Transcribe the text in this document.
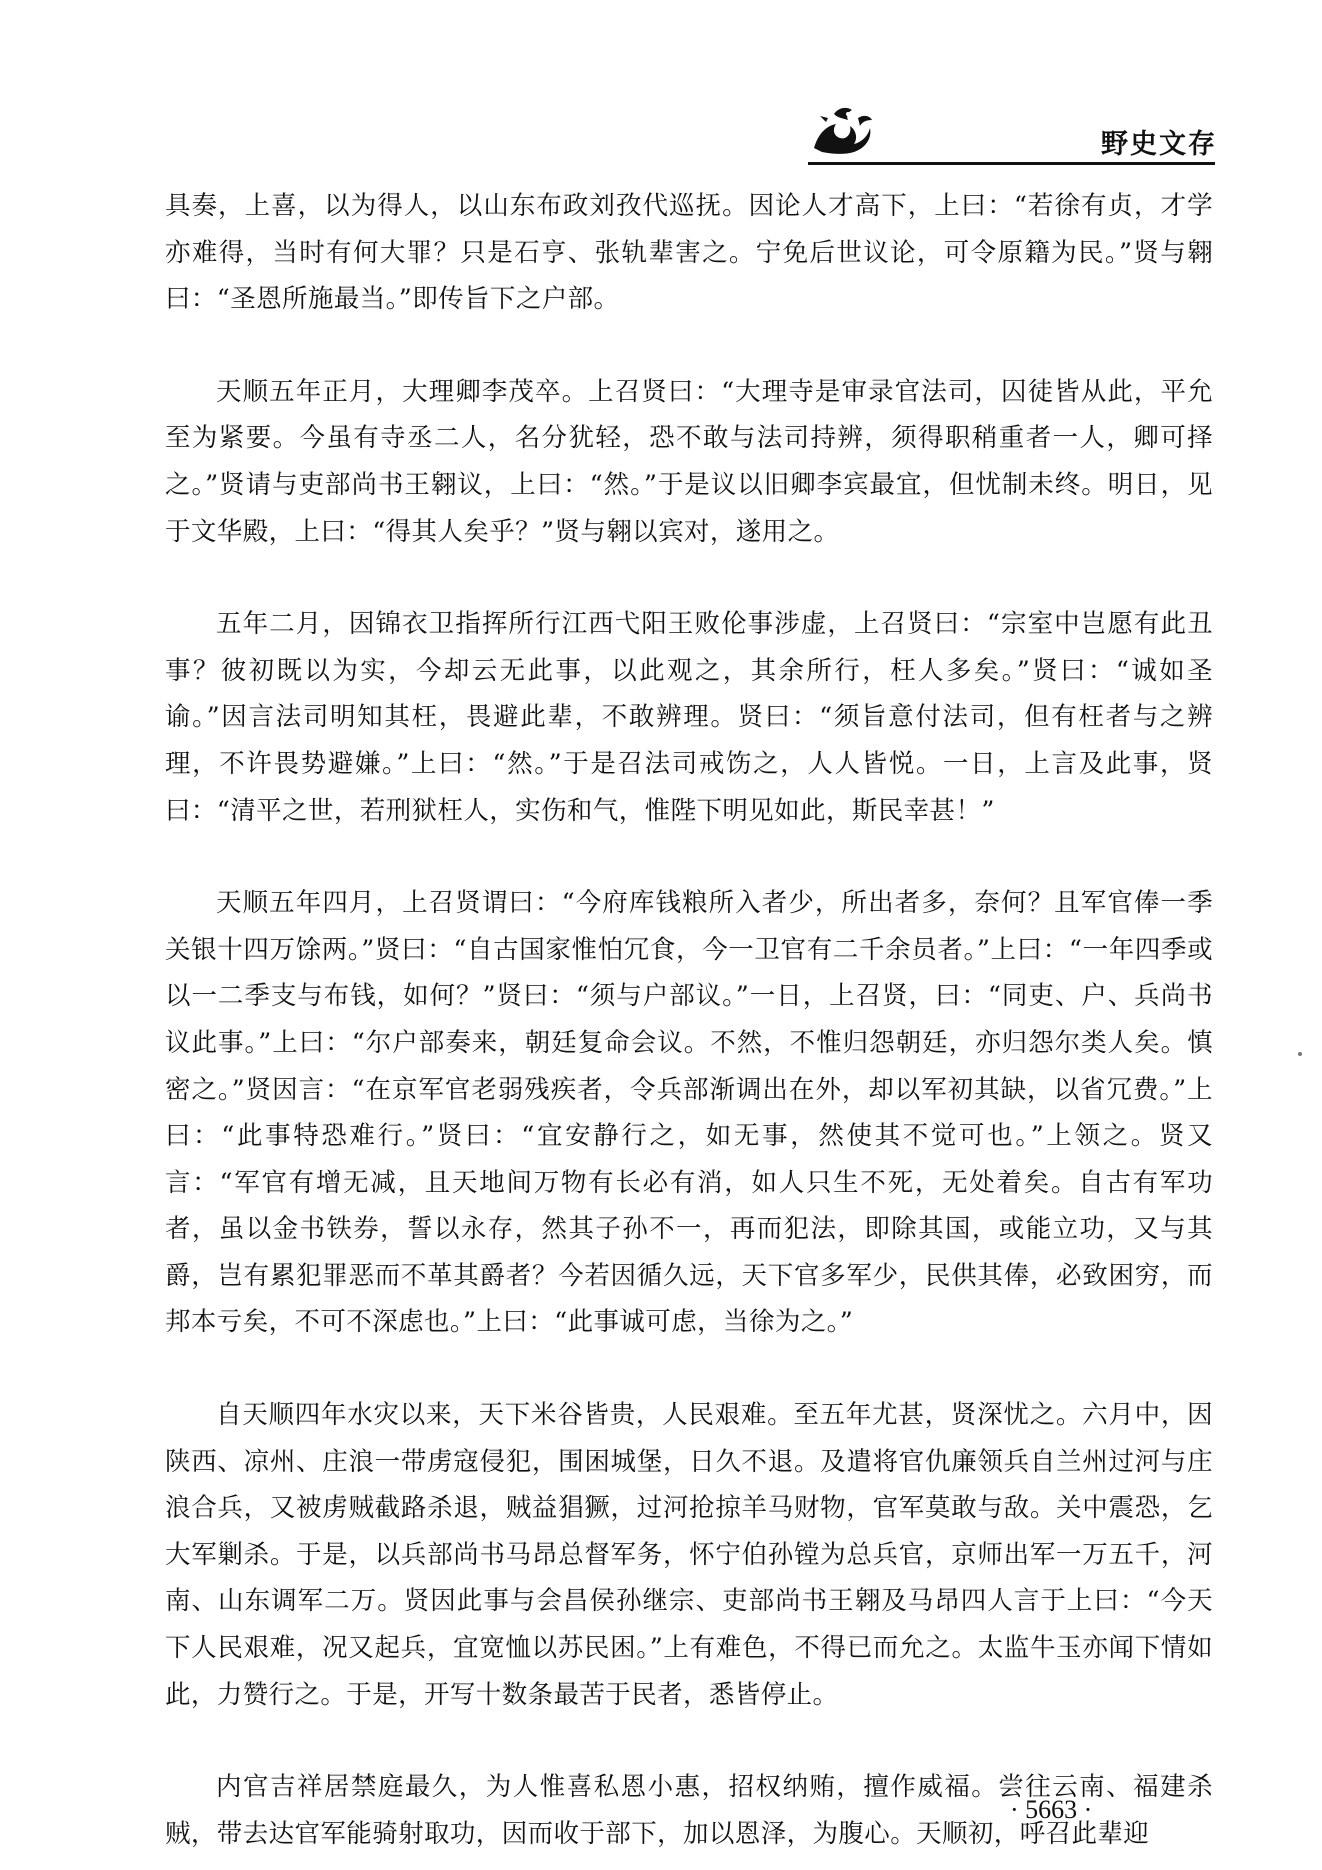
野史文存

具奏，上喜，以为得人，以山东布政刘孜代巡抚。因论人才高下，上曰：“若徐有贞，才学亦难得，当时有何大罪？只是石亨、张轨辈害之。宁免后世议论，可令原籍为民。”贤与翱曰：“圣恩所施最当。”即传旨下之户部。

天顺五年正月，大理卿李茂卒。上召贤曰：“大理寺是审录官法司，囚徒皆从此，平允至为紧要。今虽有寺丞二人，名分犹轻，恐不敢与法司持辨，须得职稍重者一人，卿可择之。”贤请与吏部尚书王翱议，上曰：“然。”于是议以旧卿李宾最宜，但忧制未终。明日，见于文华殿，上曰：“得其人矣乎？”贤与翱以宾对，遂用之。

五年二月，因锦衣卫指挥所行江西弋阳王败伦事涉虚，上召贤曰：“宗室中岂愿有此丑事？彼初既以为实，今却云无此事，以此观之，其余所行，枉人多矣。”贤曰：“诚如圣谕。”因言法司明知其枉，畏避此辈，不敢辨理。贤曰：“须旨意付法司，但有枉者与之辨理，不许畏势避嫌。”上曰：“然。”于是召法司戒饬之，人人皆悦。一日，上言及此事，贤曰：“清平之世，若刑狱枉人，实伤和气，惟陛下明见如此，斯民幸甚！”

天顺五年四月，上召贤谓曰：“今府库钱粮所入者少，所出者多，奈何？且军官俸一季关银十四万馀两。”贤曰：“自古国家惟怕冗食，今一卫官有二千余员者。”上曰：“一年四季或以一二季支与布钱，如何？”贤曰：“须与户部议。”一日，上召贤，曰：“同吏、户、兵尚书议此事。”上曰：“尔户部奏来，朝廷复命会议。不然，不惟归怨朝廷，亦归怨尔类人矣。慎密之。”贤因言：“在京军官老弱残疾者，令兵部渐调出在外，却以军初其缺，以省冗费。”上曰：“此事特恐难行。”贤曰：“宜安静行之，如无事，然使其不觉可也。”上领之。贤又言：“军官有增无减，且天地间万物有长必有消，如人只生不死，无处着矣。自古有军功者，虽以金书铁券，誓以永存，然其子孙不一，再而犯法，即除其国，或能立功，又与其爵，岂有累犯罪恶而不革其爵者？今若因循久远，天下官多军少，民供其俸，必致困穷，而邦本亏矣，不可不深虑也。”上曰：“此事诚可虑，当徐为之。”

自天顺四年水灾以来，天下米谷皆贵，人民艰难。至五年尤甚，贤深忧之。六月中，因陕西、凉州、庄浪一带虏寇侵犯，围困城堡，日久不退。及遣将官仇廉领兵自兰州过河与庄浪合兵，又被虏贼截路杀退，贼益猖獗，过河抢掠羊马财物，官军莫敢与敌。关中震恐，乞大军剿杀。于是，以兵部尚书马昂总督军务，怀宁伯孙镗为总兵官，京师出军一万五千，河南、山东调军二万。贤因此事与会昌侯孙继宗、吏部尚书王翱及马昂四人言于上曰：“今天下人民艰难，况又起兵，宜宽恤以苏民困。”上有难色，不得已而允之。太监牛玉亦闻下情如此，力赞行之。于是，开写十数条最苦于民者，悉皆停止。

内官吉祥居禁庭最久，为人惟喜私恩小惠，招权纳贿，擅作威福。尝往云南、福建杀贼，带去达官军能骑射取功，因而收于部下，加以恩泽，为腹心。天顺初，呼召此辈迎

· 5663 ·
